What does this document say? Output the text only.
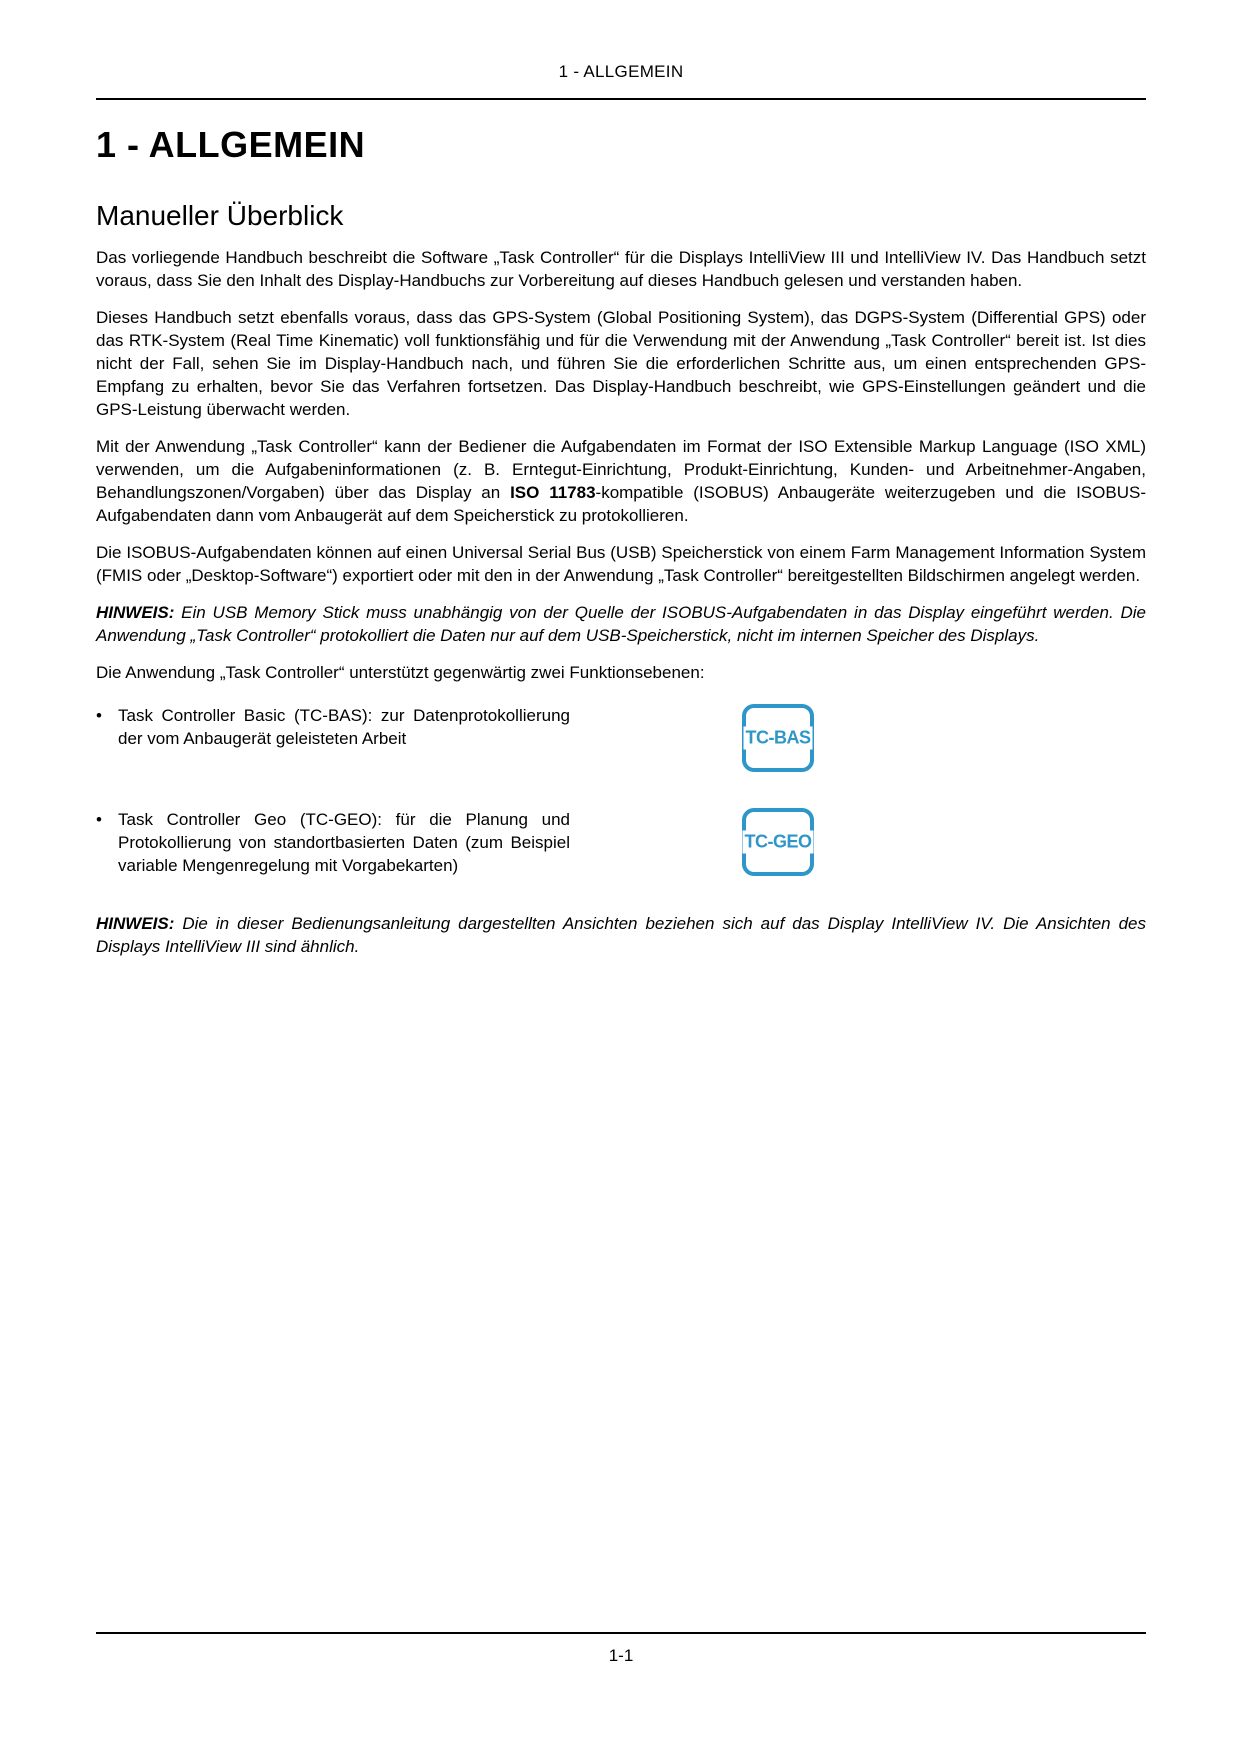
1 - ALLGEMEIN
1 - ALLGEMEIN
Manueller Überblick

Das vorliegende Handbuch beschreibt die Software „Task Controller“ für die Displays IntelliView III und IntelliView IV. Das Handbuch setzt voraus, dass Sie den Inhalt des Display-Handbuchs zur Vorbereitung auf dieses Handbuch gelesen und verstanden haben.

Dieses Handbuch setzt ebenfalls voraus, dass das GPS-System (Global Positioning System), das DGPS-System (Differential GPS) oder das RTK-System (Real Time Kinematic) voll funktionsfähig und für die Verwendung mit der Anwendung „Task Controller“ bereit ist. Ist dies nicht der Fall, sehen Sie im Display-Handbuch nach, und führen Sie die erforderlichen Schritte aus, um einen entsprechenden GPS-Empfang zu erhalten, bevor Sie das Verfahren fortsetzen. Das Display-Handbuch beschreibt, wie GPS-Einstellungen geändert und die GPS-Leistung überwacht werden.

Mit der Anwendung „Task Controller“ kann der Bediener die Aufgabendaten im Format der ISO Extensible Markup Language (ISO XML) verwenden, um die Aufgabeninformationen (z. B. Erntegut-Einrichtung, Produkt-Einrichtung, Kunden- und Arbeitnehmer-Angaben, Behandlungszonen/Vorgaben) über das Display an ISO 11783-kompatible (ISOBUS) Anbaugeräte weiterzugeben und die ISOBUS-Aufgabendaten dann vom Anbaugerät auf dem Speicherstick zu protokollieren.

Die ISOBUS-Aufgabendaten können auf einen Universal Serial Bus (USB) Speicherstick von einem Farm Management Information System (FMIS oder „Desktop-Software“) exportiert oder mit den in der Anwendung „Task Controller“ bereitgestellten Bildschirmen angelegt werden.

HINWEIS: Ein USB Memory Stick muss unabhängig von der Quelle der ISOBUS-Aufgabendaten in das Display eingeführt werden. Die Anwendung „Task Controller“ protokolliert die Daten nur auf dem USB-Speicherstick, nicht im internen Speicher des Displays.

Die Anwendung „Task Controller“ unterstützt gegenwärtig zwei Funktionsebenen:

• Task Controller Basic (TC-BAS): zur Datenprotokollierung der vom Anbaugerät geleisteten Arbeit	TC-BAS
• Task Controller Geo (TC-GEO): für die Planung und Protokollierung von standortbasierten Daten (zum Beispiel variable Mengenregelung mit Vorgabekarten)
TC-GEO

HINWEIS: Die in dieser Bedienungsanleitung dargestellten Ansichten beziehen sich auf das Display IntelliView IV. Die Ansichten des Displays IntelliView III sind ähnlich.

1-1
